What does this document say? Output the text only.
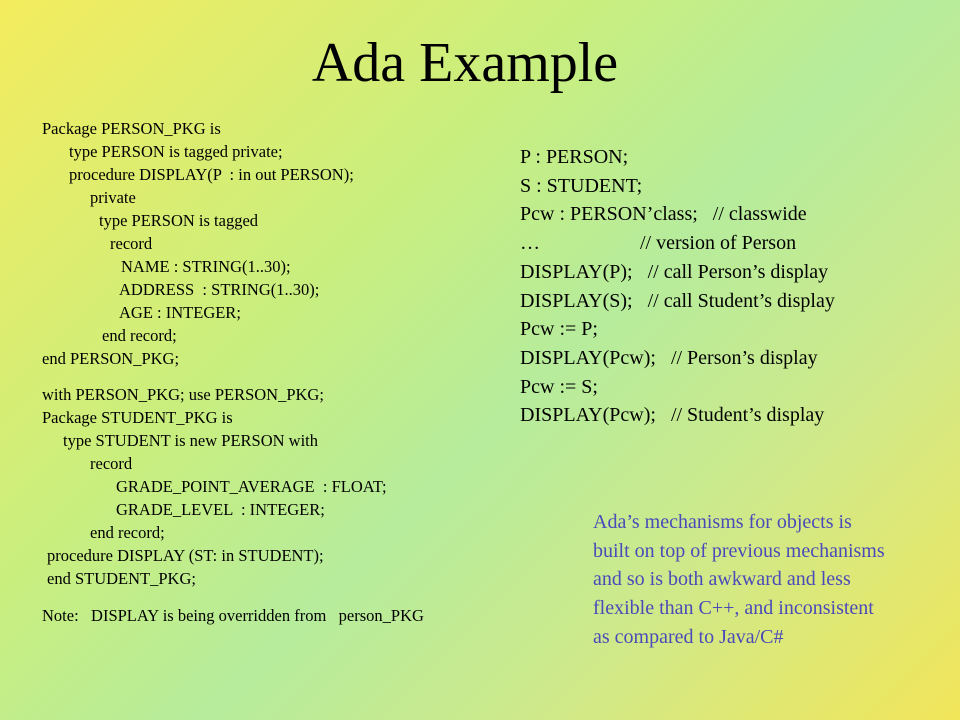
Ada Example
Package PERSON_PKG is
type PERSON is tagged private;
procedure DISPLAY(P  : in out PERSON);
private
type PERSON is tagged
record
NAME : STRING(1..30);
ADDRESS  : STRING(1..30);
AGE : INTEGER;
end record;
end PERSON_PKG;
with PERSON_PKG; use PERSON_PKG;
Package STUDENT_PKG is
type STUDENT is new PERSON with
record
GRADE_POINT_AVERAGE  : FLOAT;
GRADE_LEVEL  : INTEGER;
end record;
procedure DISPLAY (ST: in STUDENT);
end STUDENT_PKG;
Note:   DISPLAY is being overridden from   person_PKG
P : PERSON;
S : STUDENT;
Pcw : PERSON’class;   // classwide
…                    // version of Person
DISPLAY(P);   // call Person’s display
DISPLAY(S);   // call Student’s display
Pcw := P;
DISPLAY(Pcw);   // Person’s display
Pcw := S;
DISPLAY(Pcw);   // Student’s display
Ada’s mechanisms for objects is
built on top of previous mechanisms
and so is both awkward and less
flexible than C++, and inconsistent
as compared to Java/C#
